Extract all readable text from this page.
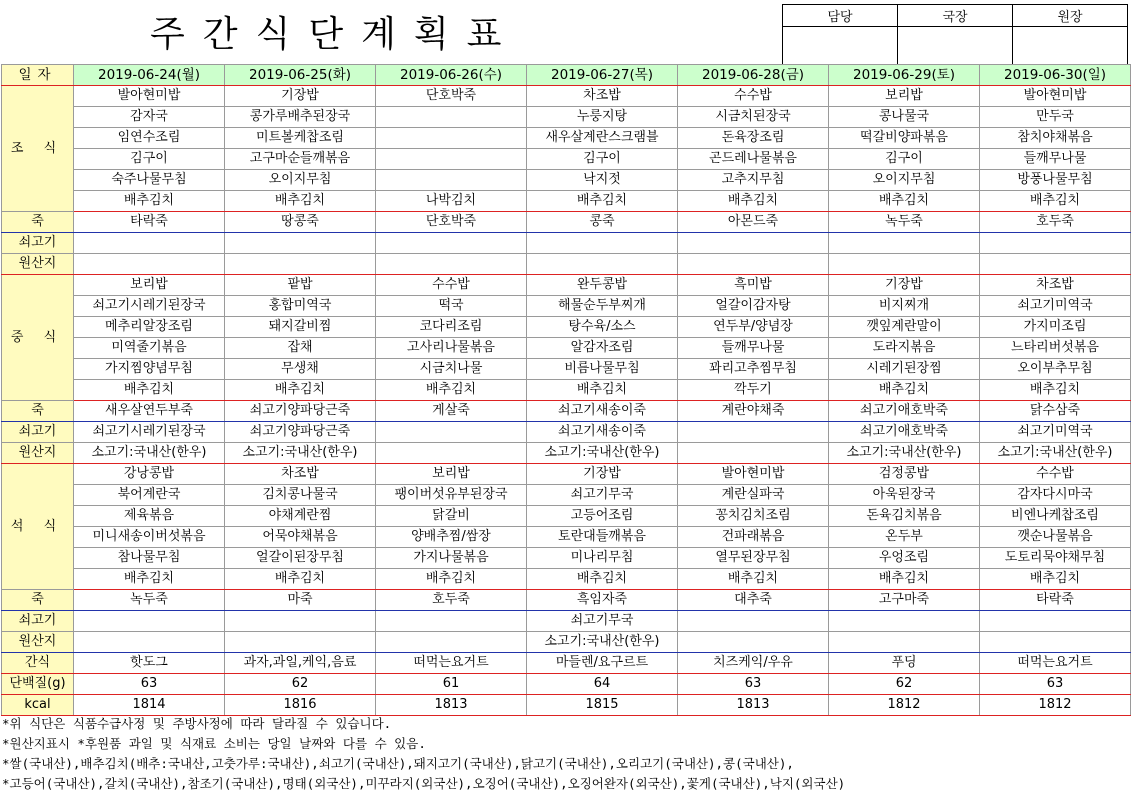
주간식단계획표	담당	국장	원장

일자	2019-06-24(월)	2019-06-25(화)	2019-06-26(수)	2019-06-27(목)	2019-06-28(금)	2019-06-29(토)	2019-06-30(일)
조 식	발아현미밥	기장밥	단호박죽	차조밥	수수밥	보리밥	발아현미밥
	감자국	콩가루배추된장국		누룽지탕	시금치된장국	콩나물국	만두국
	임연수조림	미트볼케찹조림		새우살계란스크램블	돈육장조림	떡갈비양파볶음	참치야채볶음
	김구이	고구마순들깨볶음		김구이	곤드레나물볶음	김구이	들깨무나물
	숙주나물무침	오이지무침		낙지젓	고추지무침	오이지무침	방풍나물무침
	배추김치	배추김치	나박김치	배추김치	배추김치	배추김치	배추김치
죽	타락죽	땅콩죽	단호박죽	콩죽	아몬드죽	녹두죽	호두죽
쇠고기							
원산지							
중 식	보리밥	팥밥	수수밥	완두콩밥	흑미밥	기장밥	차조밥
	쇠고기시레기된장국	홍합미역국	떡국	해물순두부찌개	얼갈이감자탕	비지찌개	쇠고기미역국
	메추리알장조림	돼지갈비찜	코다리조림	탕수육/소스	연두부/양념장	깻잎계란말이	가지미조림
	미역줄기볶음	잡채	고사리나물볶음	알감자조림	들깨무나물	도라지볶음	느타리버섯볶음
	가지찜양념무침	무생채	시금치나물	비름나물무침	꽈리고추찜무침	시레기된장찜	오이부추무침
	배추김치	배추김치	배추김치	배추김치	깍두기	배추김치	배추김치
죽	새우살연두부죽	쇠고기양파당근죽	게살죽	쇠고기새송이죽	계란야채죽	쇠고기애호박죽	닭수삼죽
쇠고기	쇠고기시레기된장국	쇠고기양파당근죽		쇠고기새송이죽		쇠고기애호박죽	쇠고기미역국
원산지	소고기:국내산(한우)	소고기:국내산(한우)		소고기:국내산(한우)		소고기:국내산(한우)	소고기:국내산(한우)
석 식	강낭콩밥	차조밥	보리밥	기장밥	발아현미밥	검정콩밥	수수밥
	북어계란국	김치콩나물국	팽이버섯유부된장국	쇠고기무국	계란실파국	아욱된장국	감자다시마국
	제육볶음	야채계란찜	닭갈비	고등어조림	꽁치김치조림	돈육김치볶음	비엔나케찹조림
	미니새송이버섯볶음	어묵야채볶음	양배추찜/쌈장	토란대들깨볶음	건파래볶음	온두부	깻순나물볶음
	참나물무침	얼갈이된장무침	가지나물볶음	미나리무침	열무된장무침	우엉조림	도토리묵야채무침
	배추김치	배추김치	배추김치	배추김치	배추김치	배추김치	배추김치
죽	녹두죽	마죽	호두죽	흑임자죽	대추죽	고구마죽	타락죽
쇠고기				쇠고기무국			
원산지				소고기:국내산(한우)			
간식	핫도그	과자,과일,케익,음료	떠먹는요거트	마들렌/요구르트	치즈케익/우유	푸딩	떠먹는요거트
단백질(g)	63	62	61	64	63	62	63
kcal	1814	1816	1813	1815	1813	1812	1812
*위 식단은 식품수급사정 및 주방사정에 따라 달라질 수 있습니다.
*원산지표시 *후원품 과일 및 식재료 소비는 당일 날짜와 다를 수 있음.
*쌀(국내산),배추김치(배추:국내산,고춧가루:국내산),쇠고기(국내산),돼지고기(국내산),닭고기(국내산),오리고기(국내산),콩(국내산),
*고등어(국내산),갈치(국내산),참조기(국내산),명태(외국산),미꾸라지(외국산),오징어(국내산),오징어완자(외국산),꽃게(국내산),낙지(외국산)
